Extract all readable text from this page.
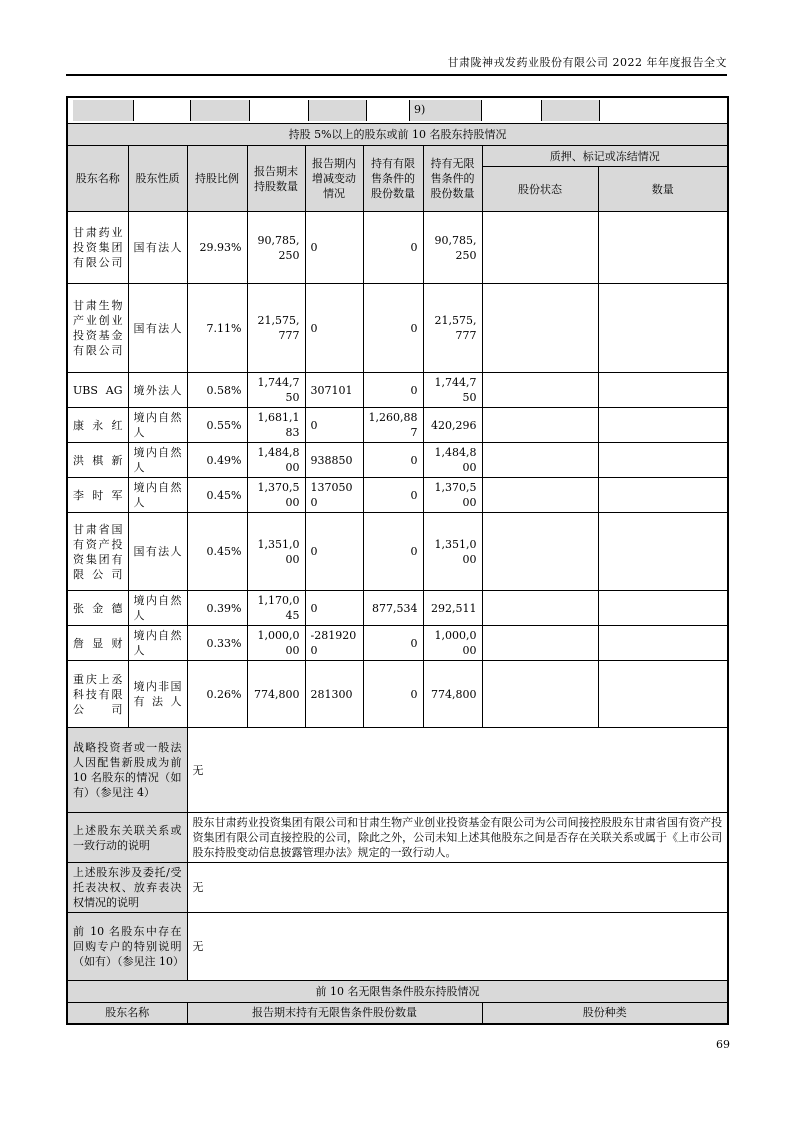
甘肃陇神戎发药业股份有限公司 2022 年年度报告全文
9)								

持股 5%以上的股东或前 10 名股东持股情况								
股东名称	股东性质	持股比例	报告期末持股数量	报告期内增减变动情况	持有有限售条件的股份数量	持有无限售条件的股份数量	质押、标记或冻结情况	
							股份状态	数量
甘肃药业投资集团有限公司	国有法人	29.93%	90,785,250	0	0	90,785,250		
甘肃生物产业创业投资基金有限公司	国有法人	7.11%	21,575,777	0	0	21,575,777		
UBS AG	境外法人	0.58%	1,744,750	307101	0	1,744,750		
康永红	境内自然人	0.55%	1,681,183	0	1,260,887	420,296		
洪棋新	境内自然人	0.49%	1,484,800	938850	0	1,484,800		
李时军	境内自然人	0.45%	1,370,500	1370500	0	1,370,500		
甘肃省国有资产投资集团有限公司	国有法人	0.45%	1,351,000	0	0	1,351,000		
张金德	境内自然人	0.39%	1,170,045	0	877,534	292,511		
詹显财	境内自然人	0.33%	1,000,000	-2819200	0	1,000,000		
重庆上丞科技有限公司	境内非国有法人	0.26%	774,800	281300	0	774,800		
战略投资者或一般法人因配售新股成为前 10 名股东的情况（如有）（参见注 4）		无						
上述股东关联关系或一致行动的说明		股东甘肃药业投资集团有限公司和甘肃生物产业创业投资基金有限公司为公司间接控股股东甘肃省国有资产投资集团有限公司直接控股的公司，除此之外，公司未知上述其他股东之间是否存在关联关系或属于《上市公司股东持股变动信息披露管理办法》规定的一致行动人。						
上述股东涉及委托/受托表决权、放弃表决权情况的说明		无						
前 10 名股东中存在回购专户的特别说明（如有）（参见注 10）		无						
前 10 名无限售条件股东持股情况								
股东名称		报告期末持有无限售条件股份数量					股份种类	
69
